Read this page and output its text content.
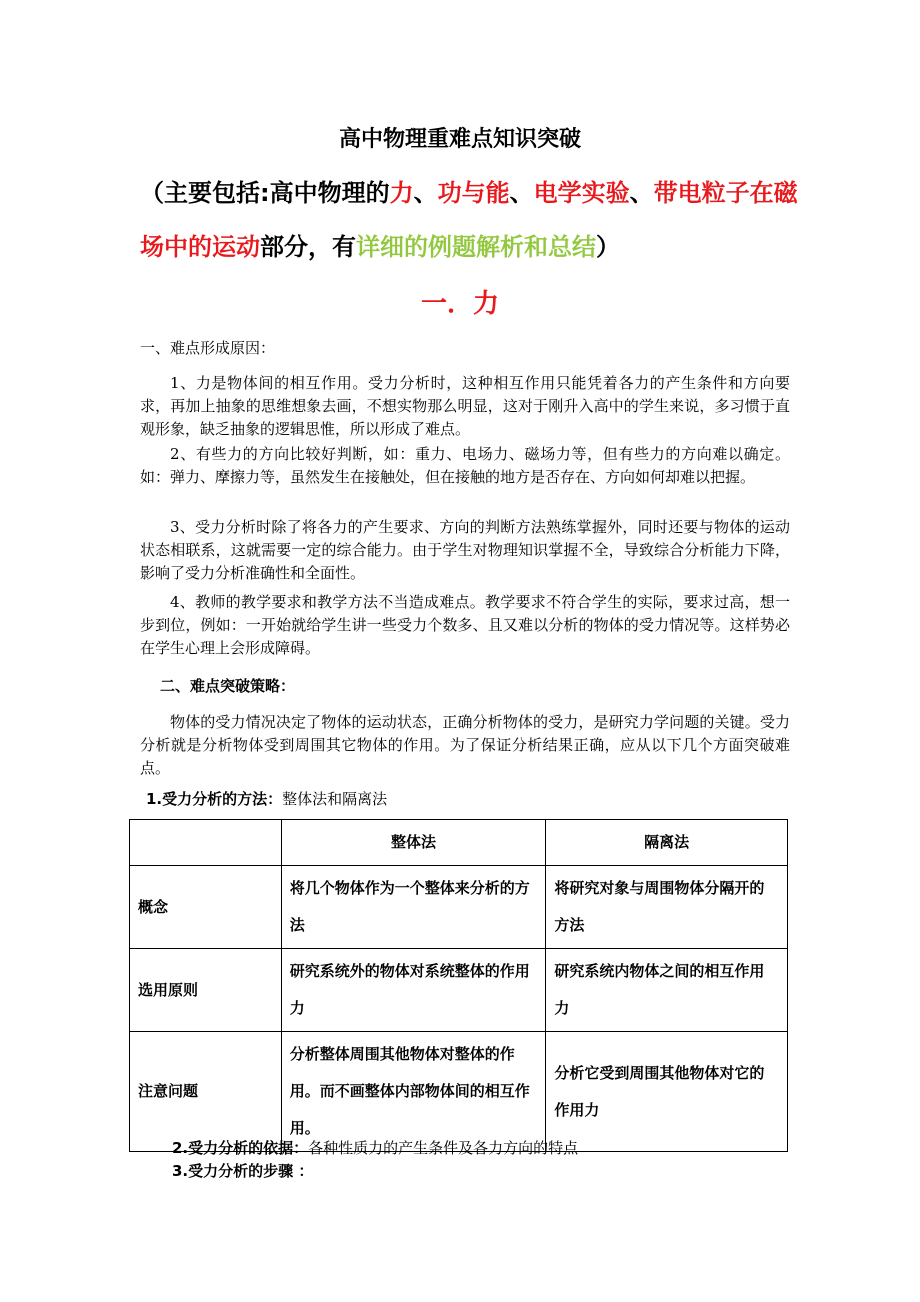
高中物理重难点知识突破
（主要包括:高中物理的力、功与能、电学实验、带电粒子在磁场中的运动部分，有详细的例题解析和总结）
一．力
一、难点形成原因：
1、力是物体间的相互作用。受力分析时，这种相互作用只能凭着各力的产生条件和方向要求，再加上抽象的思维想象去画，不想实物那么明显，这对于刚升入高中的学生来说，多习惯于直观形象，缺乏抽象的逻辑思惟，所以形成了难点。
2、有些力的方向比较好判断，如：重力、电场力、磁场力等，但有些力的方向难以确定。如：弹力、摩擦力等，虽然发生在接触处，但在接触的地方是否存在、方向如何却难以把握。
3、受力分析时除了将各力的产生要求、方向的判断方法熟练掌握外，同时还要与物体的运动状态相联系，这就需要一定的综合能力。由于学生对物理知识掌握不全，导致综合分析能力下降，影响了受力分析准确性和全面性。
4、教师的教学要求和教学方法不当造成难点。教学要求不符合学生的实际，要求过高，想一步到位，例如：一开始就给学生讲一些受力个数多、且又难以分析的物体的受力情况等。这样势必在学生心理上会形成障碍。
二、难点突破策略：
物体的受力情况决定了物体的运动状态，正确分析物体的受力，是研究力学问题的关键。受力分析就是分析物体受到周围其它物体的作用。为了保证分析结果正确，应从以下几个方面突破难点。
1.受力分析的方法：整体法和隔离法
	整体法	隔离法
概念	将几个物体作为一个整体来分析的方法	将研究对象与周围物体分隔开的方法
选用原则	研究系统外的物体对系统整体的作用力	研究系统内物体之间的相互作用力
注意问题	分析整体周围其他物体对整体的作用。而不画整体内部物体间的相互作用。	分析它受到周围其他物体对它的作用力
2.受力分析的依据：各种性质力的产生条件及各力方向的特点
3.受力分析的步骤 ：
